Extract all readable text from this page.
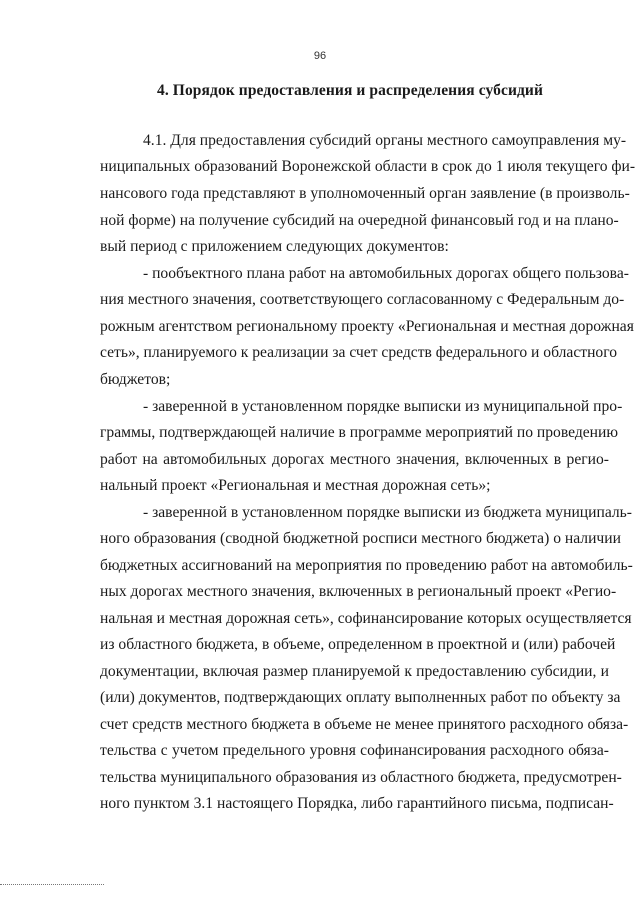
96
4. Порядок предоставления и распределения субсидий
4.1. Для предоставления субсидий органы местного самоуправления му-
ниципальных образований Воронежской области в срок до 1 июля текущего фи-
нансового года представляют в уполномоченный орган заявление (в произволь-
ной форме) на получение субсидий на очередной финансовый год и на плано-
вый период с приложением следующих документов:
- пообъектного плана работ на автомобильных дорогах общего пользова-
ния местного значения, соответствующего согласованному с Федеральным до-
рожным агентством региональному проекту «Региональная и местная дорожная
сеть», планируемого к реализации за счет средств федерального и областного
бюджетов;
- заверенной в установленном порядке выписки из муниципальной про-
граммы, подтверждающей наличие в программе мероприятий по проведению
работ на автомобильных дорогах местного значения, включенных в регио-
нальный проект «Региональная и местная дорожная сеть»;
- заверенной в установленном порядке выписки из бюджета муниципаль-
ного образования (сводной бюджетной росписи местного бюджета) о наличии
бюджетных ассигнований на мероприятия по проведению работ на автомобиль-
ных дорогах местного значения, включенных в региональный проект «Регио-
нальная и местная дорожная сеть», софинансирование которых осуществляется
из областного бюджета, в объеме, определенном в проектной и (или) рабочей
документации, включая размер планируемой к предоставлению субсидии, и
(или) документов, подтверждающих оплату выполненных работ по объекту за
счет средств местного бюджета в объеме не менее принятого расходного обяза-
тельства с учетом предельного уровня софинансирования расходного обяза-
тельства муниципального образования из областного бюджета, предусмотрен-
ного пунктом 3.1 настоящего Порядка, либо гарантийного письма, подписан-
